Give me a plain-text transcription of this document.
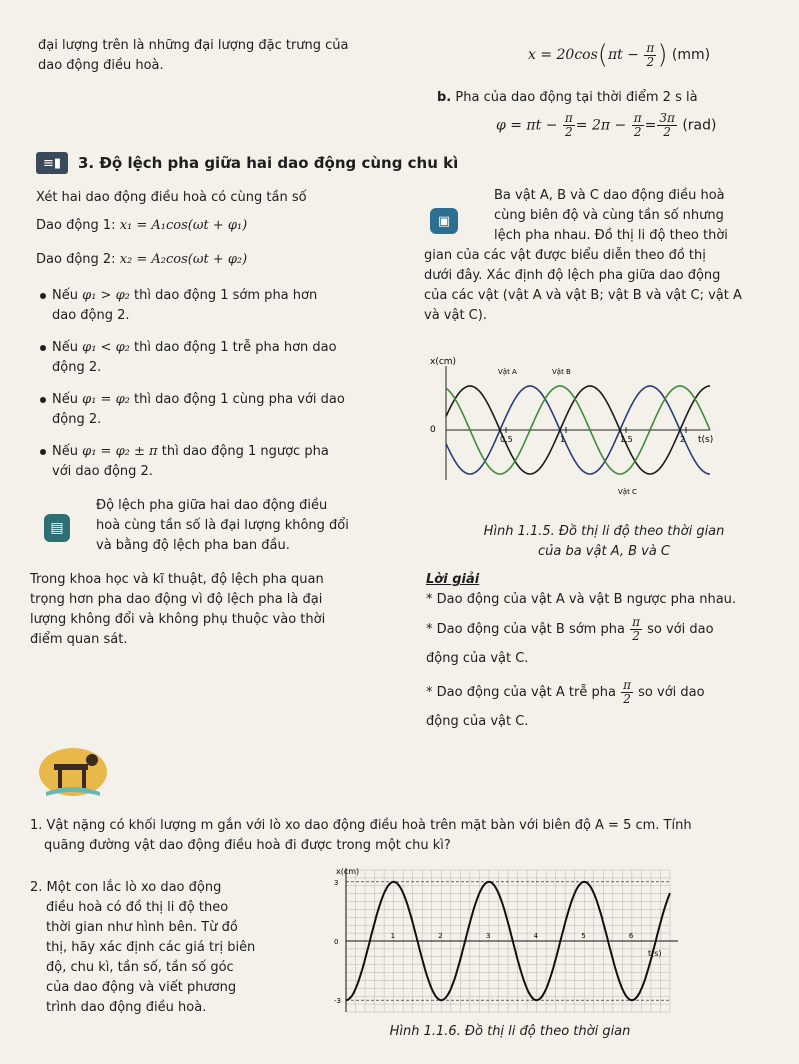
đại lượng trên là những đại lượng đặc trưng của
dao động điều hoà.
$x = 20\cos(\pi t - \frac{\pi}{2}$ ) (mm)
b. Pha của dao động tại thời điểm 2 s là
$\varphi = \pi t - \frac{\pi}{2} = 2\pi - \frac{\pi}{2} = \frac{3\pi}{2} (rad)$
≡▮	3. Độ lệch pha giữa hai dao động cùng chu kì
Xét hai dao động điều hoà có cùng tần số
Dao động 1: x₁ = A₁cos(ωt + φ₁)
Dao động 2: x₂ = A₂cos(ωt + φ₂)
Nếu φ₁ > φ₂ thì dao động 1 sớm pha hơn
dao động 2.
Nếu φ₁ < φ₂ thì dao động 1 trễ pha hơn dao
động 2.
Nếu φ₁ = φ₂ thì dao động 1 cùng pha với dao
động 2.
Nếu φ₁ = φ₂ ± π thì dao động 1 ngược pha
với dao động 2.
▤
Độ lệch pha giữa hai dao động điều
hoà cùng tần số là đại lượng không đổi
và bằng độ lệch pha ban đầu.
Trong khoa học và kĩ thuật, độ lệch pha quan
trọng hơn pha dao động vì độ lệch pha là đại
lượng không đổi và không phụ thuộc vào thời
điểm quan sát.
▣
Ba vật A, B và C dao động điều hoà
cùng biên độ và cùng tần số nhưng
lệch pha nhau. Đồ thị li độ theo thời
gian của các vật được biểu diễn theo đồ thị
dưới đây. Xác định độ lệch pha giữa dao động
của các vật (vật A và vật B; vật B và vật C; vật A
và vật C).
x(cm)
0
t(s)
0,5	1	1,5	2
Vật A	Vật B
Vật C
Hình 1.1.5. Đồ thị li độ theo thời gian
của ba vật A, B và C
Lời giải
* Dao động của vật A và vật B ngược pha nhau.
* Dao động của vật B sớm pha $\frac{\pi}{2}$ so với dao
động của vật C.
* Dao động của vật A trễ pha $\frac{\pi}{2}$ so với dao
động của vật C.
1. Vật nặng có khối lượng m gắn với lò xo dao động điều hoà trên mặt bàn với biên độ A = 5 cm. Tính
quãng đường vật dao động điều hoà đi được trong một chu kì?
2. Một con lắc lò xo dao động
điều hoà có đồ thị li độ theo
thời gian như hình bên. Từ đồ
thị, hãy xác định các giá trị biên
độ, chu kì, tần số, tần số góc
của dao động và viết phương
trình dao động điều hoà.
1	2	3	4	5	6
3
0
-3
x(cm)
t(s)
Hình 1.1.6. Đồ thị li độ theo thời gian
